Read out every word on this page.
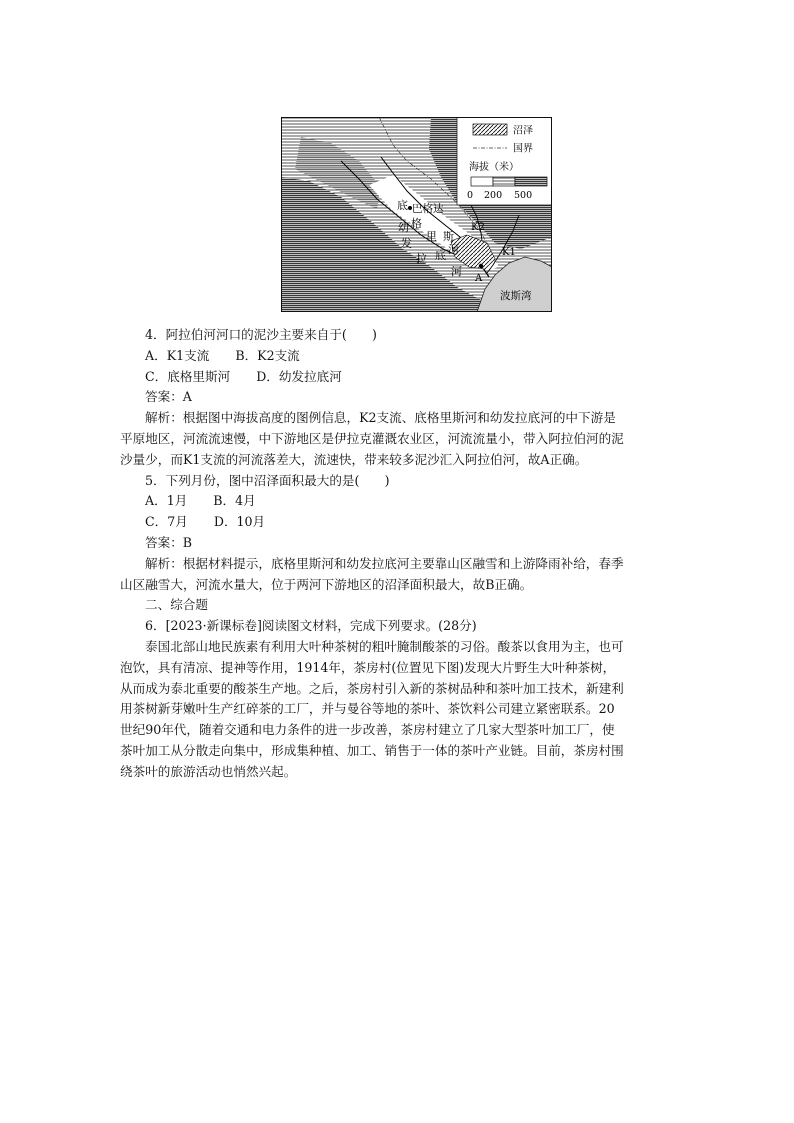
沼泽
国界
海拔（米）
0 200 500
底 巴格达
格
里 斯
河
幼
发
拉 底
河
K2
K1
A
波斯湾
4．阿拉伯河河口的泥沙主要来自于(　　)
A．K1支流 B．K2支流
C．底格里斯河 D．幼发拉底河
答案：A
解析：根据图中海拔高度的图例信息，K2支流、底格里斯河和幼发拉底河的中下游是
平原地区，河流流速慢，中下游地区是伊拉克灌溉农业区，河流流量小，带入阿拉伯河的泥
沙量少，而K1支流的河流落差大，流速快，带来较多泥沙汇入阿拉伯河，故A正确。
5．下列月份，图中沼泽面积最大的是(　　)
A．1月 B．4月
C．7月 D．10月
答案：B
解析：根据材料提示，底格里斯河和幼发拉底河主要靠山区融雪和上游降雨补给，春季
山区融雪大，河流水量大，位于两河下游地区的沼泽面积最大，故B正确。
二、综合题
6．[2023·新课标卷]阅读图文材料，完成下列要求。(28分)
泰国北部山地民族素有利用大叶种茶树的粗叶腌制酸茶的习俗。酸茶以食用为主，也可
泡饮，具有清凉、提神等作用，1914年，茶房村(位置见下图)发现大片野生大叶种茶树，
从而成为泰北重要的酸茶生产地。之后，茶房村引入新的茶树品种和茶叶加工技术，新建利
用茶树新芽嫩叶生产红碎茶的工厂，并与曼谷等地的茶叶、茶饮料公司建立紧密联系。20
世纪90年代，随着交通和电力条件的进一步改善，茶房村建立了几家大型茶叶加工厂，使
茶叶加工从分散走向集中，形成集种植、加工、销售于一体的茶叶产业链。目前，茶房村围
绕茶叶的旅游活动也悄然兴起。
